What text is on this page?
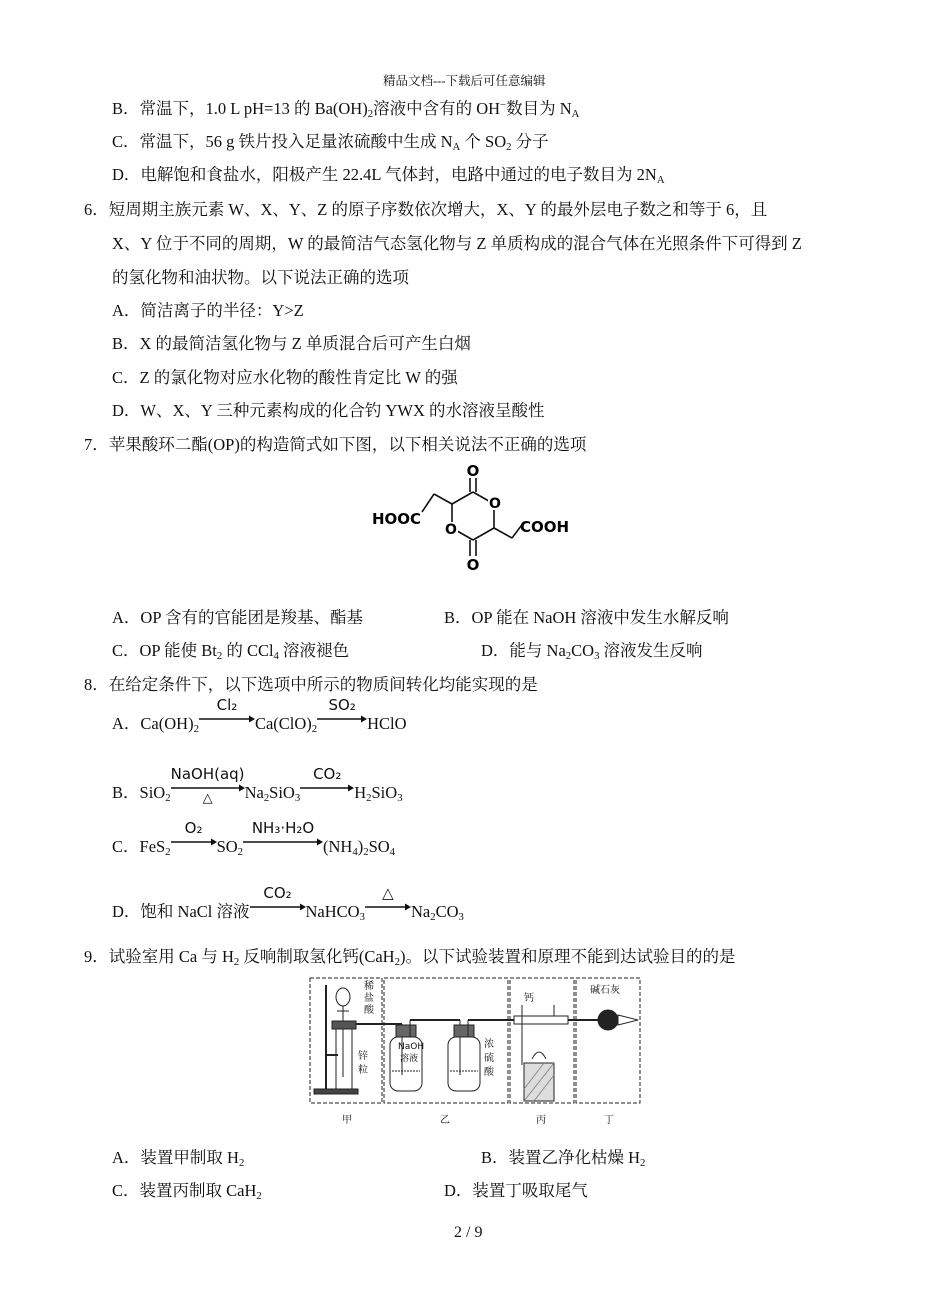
精品文档---下载后可任意编辑
B．常温下，1.0 L pH=13 的 $Ba(OH)_2$溶液中含有的 OH−数目为 $N_A$
C．常温下，56 g 铁片投入足量浓硫酸中生成 $N_A$ 个 $SO_2$ 分子
D．电解饱和食盐水，阳极产生 22.4L 气体封，电路中通过的电子数目为 $2N_A$
6．短周期主族元素 W、X、Y、Z 的原子序数依次增大，X、Y 的最外层电子数之和等于 6，且
X、Y 位于不同的周期，W 的最简洁气态氢化物与 Z 单质构成的混合气体在光照条件下可得到 Z
的氢化物和油状物。以下说法正确的选项
A．简洁离子的半径：Y>Z
B．X 的最简洁氢化物与 Z 单质混合后可产生白烟
C．Z 的氯化物对应水化物的酸性肯定比 W 的强
D．W、X、Y 三种元素构成的化合钓 YWX 的水溶液呈酸性
7．苹果酸环二酯(OP)的构造简式如下图，以下相关说法不正确的选项
O
O
O
O
HOOC	COOH
A．OP 含有的官能团是羧基、酯基	B．OP 能在 NaOH 溶液中发生水解反响
C．OP 能使 $Bt_2$ 的 CCl$_4$ 溶液褪色	D．能与 $Na_2CO_3$ 溶液发生反响
8．在给定条件下，以下选项中所示的物质间转化均能实现的是
A．$Ca(OH)_2$
Cl₂
$Ca(ClO)_2$
SO₂
HClO
B．SiO$_2$
NaOH(aq)
△	$Na_2SiO_3$
CO₂
$H_2SiO_3$
C．FeS$_2$
O₂
$SO_2$
NH₃·H₂O
$(NH_4)_2SO_4$
D．饱和 NaCl 溶液
CO₂
NaHCO$_3$
△
$Na_2CO_3$
9．试验室用 Ca 与 $H_2$ 反响制取氢化钙(CaH$_2$)。以下试验装置和原理不能到达试验目的的是
稀
盐
酸
锌
粒
NaOH
溶液
浓
硫
酸
钙
碱石灰
甲	乙	丙	丁
A．装置甲制取 $H_2$	B．装置乙净化枯燥 $H_2$
C．装置丙制取 CaH$_2$	D．装置丁吸取尾气
2 / 9
